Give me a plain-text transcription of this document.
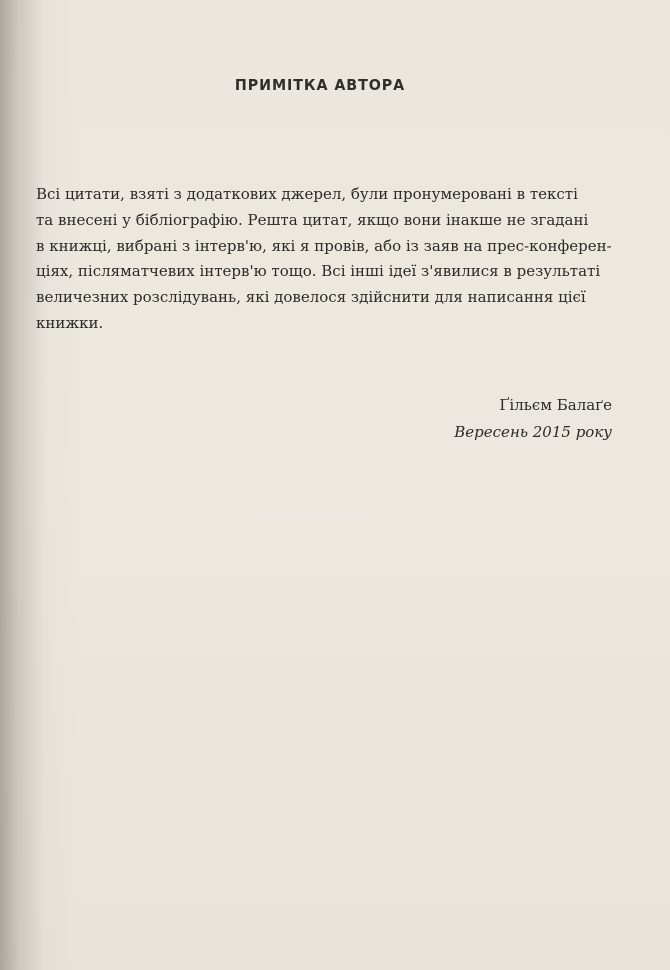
ПРИМІТКА АВТОРА

Всі цитати, взяті з додаткових джерел, були пронумеровані в тексті
та внесені у бібліографію. Решта цитат, якщо вони інакше не згадані
в книжці, вибрані з інтерв'ю, які я провів, або із заяв на прес-конферен-
ціях, післяматчевих інтерв'ю тощо. Всі інші ідеї з'явилися в результаті
величезних розслідувань, які довелося здійснити для написання цієї
книжки.

Ґільєм Балаґе
Вересень 2015 року
